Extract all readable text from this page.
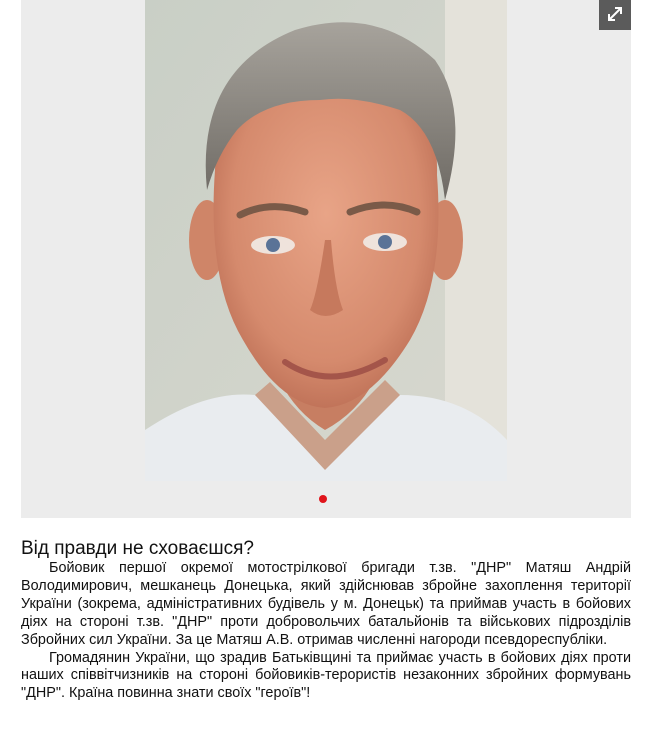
Від правди не сховаєшся?

Бойовик першої окремої мотострілкової бригади т.зв. "ДНР" Матяш Андрій Володимирович, мешканець Донецька, який здійснював збройне захоплення території України (зокрема, адміністративних будівель у м. Донецьк) та приймав участь в бойових діях на стороні т.зв. "ДНР" проти добровольчих батальйонів та військових підрозділів Збройних сил України. За це Матяш А.В. отримав численні нагороди псевдореспубліки.

Громадянин України, що зрадив Батьківщині та приймає участь в бойових діях проти наших співвітчизників на стороні бойовиків-терористів незаконних збройних формувань "ДНР". Країна повинна знати своїх "героїв"!
